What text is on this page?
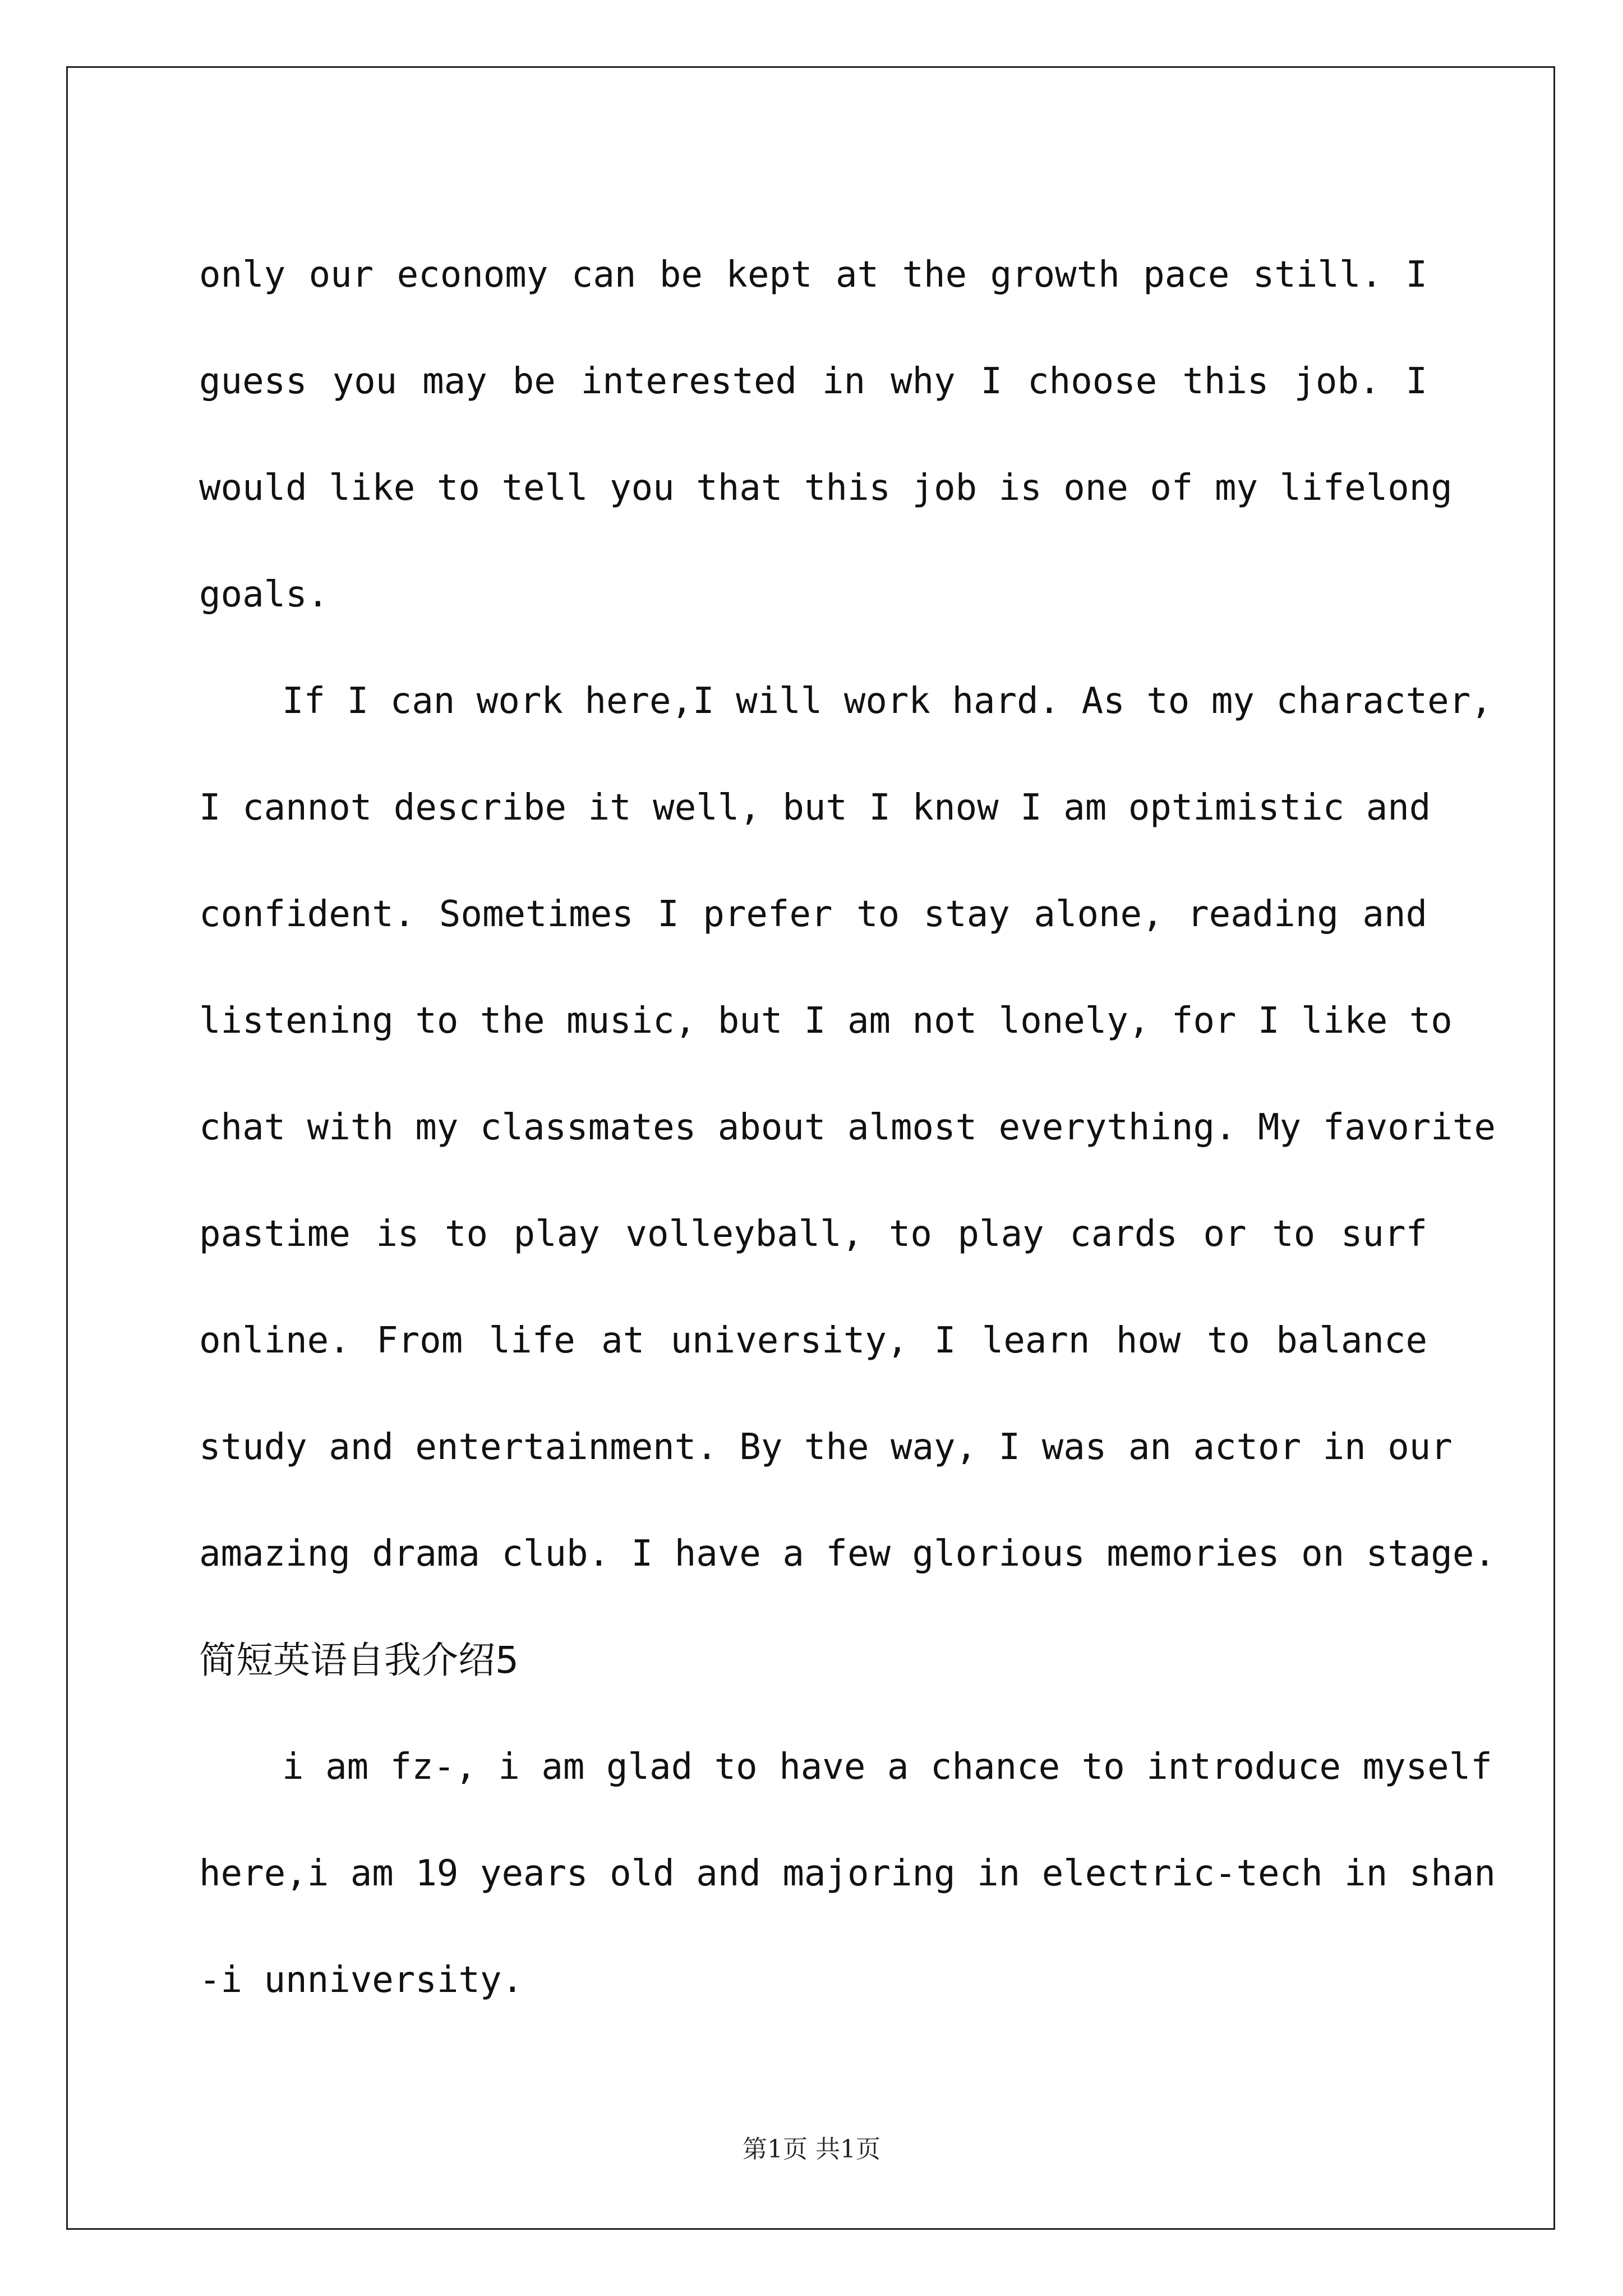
only our economy can be kept at the growth pace still. I
guess you may be interested in why I choose this job. I
would like to tell you that this job is one of my lifelong
goals.
If I can work here,I will work hard. As to my character,
I cannot describe it well, but I know I am optimistic and
confident. Sometimes I prefer to stay alone, reading and
listening to the music, but I am not lonely, for I like to
chat with my classmates about almost everything. My favorite
pastime is to play volleyball, to play cards or to surf
online. From life at university, I learn how to balance
study and entertainment. By the way, I was an actor in our
amazing drama club. I have a few glorious memories on stage.
简短英语自我介绍5
i am fz-, i am glad to have a chance to introduce myself
here,i am 19 years old and majoring in electric-tech in shan
-i unniversity.
第1页 共1页
